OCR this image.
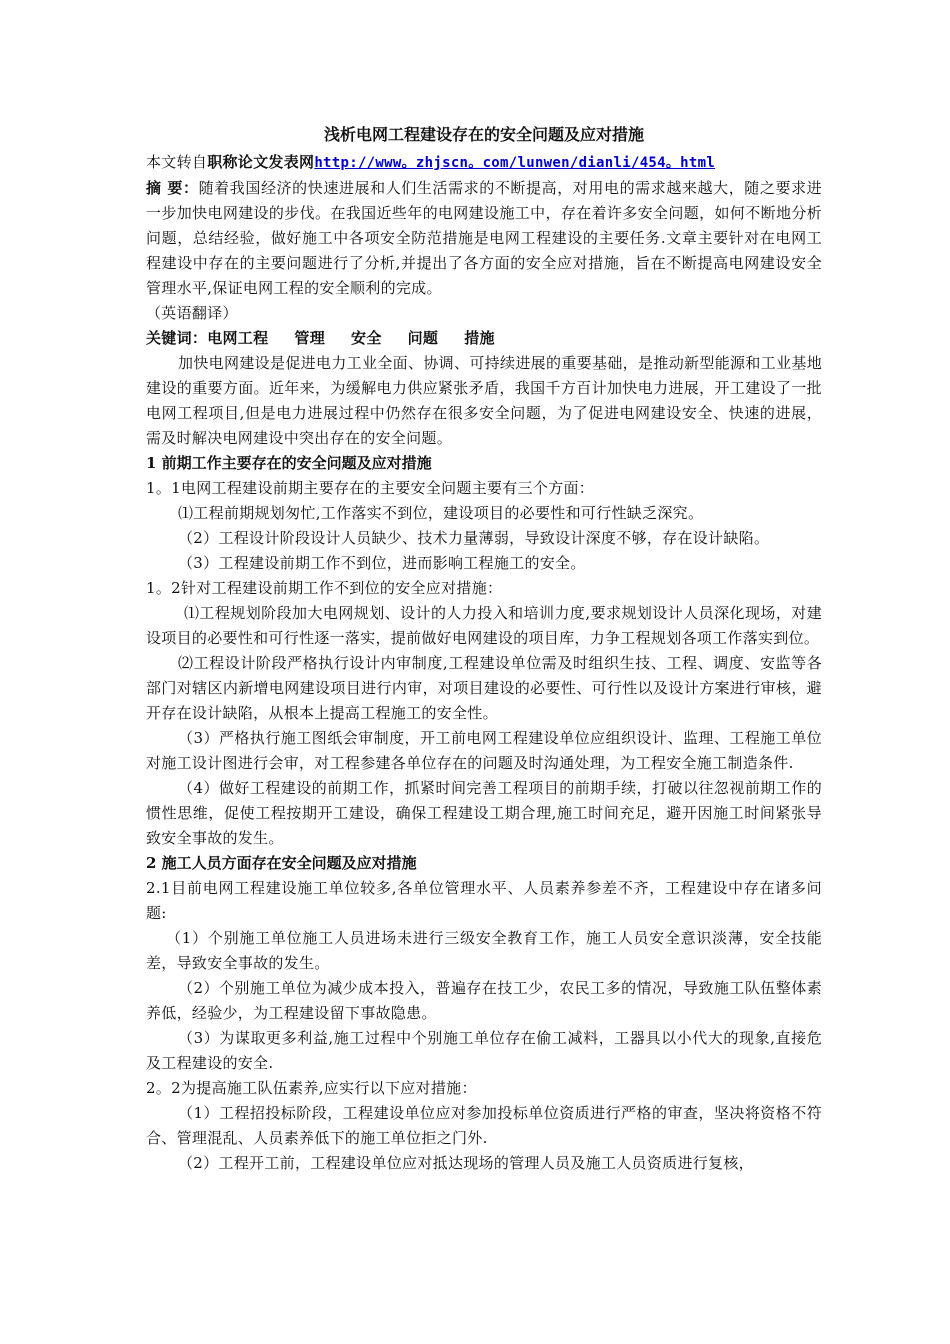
浅析电网工程建设存在的安全问题及应对措施

本文转自职称论文发表网http://www。zhjscn。com/lunwen/dianli/454。html

摘 要：随着我国经济的快速进展和人们生活需求的不断提高，对用电的需求越来越大，随之要求进一步加快电网建设的步伐。在我国近些年的电网建设施工中，存在着许多安全问题，如何不断地分析问题，总结经验，做好施工中各项安全防范措施是电网工程建设的主要任务.文章主要针对在电网工程建设中存在的主要问题进行了分析,并提出了各方面的安全应对措施，旨在不断提高电网建设安全管理水平,保证电网工程的安全顺利的完成。

（英语翻译）

关键词：电网工程 管理 安全 问题 措施

加快电网建设是促进电力工业全面、协调、可持续进展的重要基础，是推动新型能源和工业基地建设的重要方面。近年来，为缓解电力供应紧张矛盾，我国千方百计加快电力进展，开工建设了一批电网工程项目,但是电力进展过程中仍然存在很多安全问题，为了促进电网建设安全、快速的进展，需及时解决电网建设中突出存在的安全问题。

1 前期工作主要存在的安全问题及应对措施

1。1电网工程建设前期主要存在的主要安全问题主要有三个方面：

⑴工程前期规划匆忙,工作落实不到位，建设项目的必要性和可行性缺乏深究。

（2）工程设计阶段设计人员缺少、技术力量薄弱，导致设计深度不够，存在设计缺陷。

（3）工程建设前期工作不到位，进而影响工程施工的安全。

1。2针对工程建设前期工作不到位的安全应对措施：

⑴工程规划阶段加大电网规划、设计的人力投入和培训力度,要求规划设计人员深化现场，对建设项目的必要性和可行性逐一落实，提前做好电网建设的项目库，力争工程规划各项工作落实到位。

⑵工程设计阶段严格执行设计内审制度,工程建设单位需及时组织生技、工程、调度、安监等各部门对辖区内新增电网建设项目进行内审，对项目建设的必要性、可行性以及设计方案进行审核，避开存在设计缺陷，从根本上提高工程施工的安全性。

（3）严格执行施工图纸会审制度，开工前电网工程建设单位应组织设计、监理、工程施工单位对施工设计图进行会审，对工程参建各单位存在的问题及时沟通处理，为工程安全施工制造条件.

（4）做好工程建设的前期工作，抓紧时间完善工程项目的前期手续，打破以往忽视前期工作的惯性思维，促使工程按期开工建设，确保工程建设工期合理,施工时间充足，避开因施工时间紧张导致安全事故的发生。

2 施工人员方面存在安全问题及应对措施

2.1目前电网工程建设施工单位较多,各单位管理水平、人员素养参差不齐，工程建设中存在诸多问题:

（1）个别施工单位施工人员进场未进行三级安全教育工作，施工人员安全意识淡薄，安全技能差，导致安全事故的发生。

（2）个别施工单位为减少成本投入，普遍存在技工少，农民工多的情况，导致施工队伍整体素养低，经验少，为工程建设留下事故隐患。

（3）为谋取更多利益,施工过程中个别施工单位存在偷工减料，工器具以小代大的现象,直接危及工程建设的安全.

2。2为提高施工队伍素养,应实行以下应对措施：

（1）工程招投标阶段，工程建设单位应对参加投标单位资质进行严格的审查，坚决将资格不符合、管理混乱、人员素养低下的施工单位拒之门外.

（2）工程开工前，工程建设单位应对抵达现场的管理人员及施工人员资质进行复核，
